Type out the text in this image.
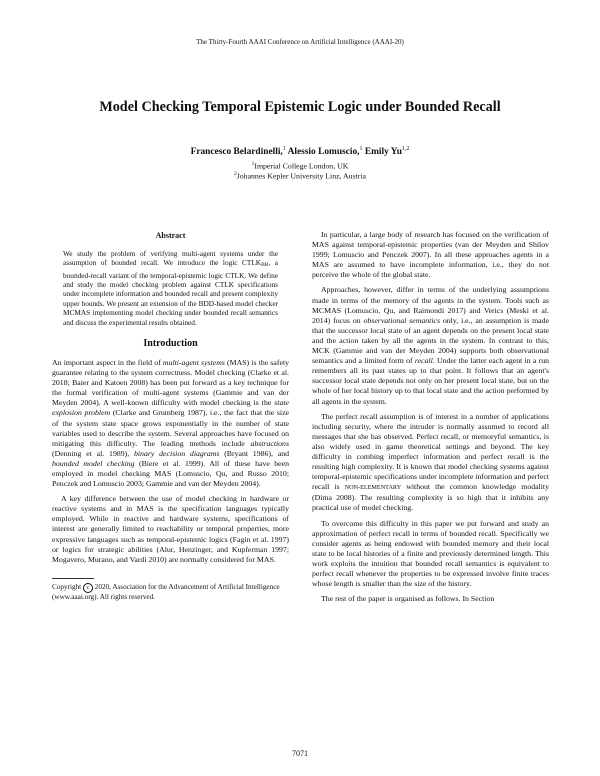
The Thirty-Fourth AAAI Conference on Artificial Intelligence (AAAI-20)
Model Checking Temporal Epistemic Logic under Bounded Recall
Francesco Belardinelli,$^1$ Alessio Lomuscio,$^1$ Emily Yu$^{1,2}$
$^1$Imperial College London, UK
$^2$Johannes Kepler University Linz, Austria
Abstract
We study the problem of verifying multi-agent systems under the assumption of bounded recall. We introduce the logic CTLKBR, a bounded-recall variant of the temporal-epistemic logic CTLK. We define and study the model checking problem against CTLK specifications under incomplete information and bounded recall and present complexity upper bounds. We present an extension of the BDD-based model checker MCMAS implementing model checking under bounded recall semantics and discuss the experimental results obtained.
Introduction

An important aspect in the field of multi-agent systems (MAS) is the safety guarantee relating to the system correctness. Model checking (Clarke et al. 2018; Baier and Katoen 2008) has been put forward as a key technique for the formal verification of multi-agent systems (Gammie and van der Meyden 2004). A well-known difficulty with model checking is the state explosion problem (Clarke and Grumberg 1987), i.e., the fact that the size of the system state space grows exponentially in the number of state variables used to describe the system. Several approaches have focused on mitigating this difficulty. The leading methods include abstractions (Denning et al. 1989), binary decision diagrams (Bryant 1986), and bounded model checking (Biere et al. 1999). All of these have been employed in model checking MAS (Lomuscio, Qu, and Russo 2010; Penczek and Lomuscio 2003; Gammie and van der Meyden 2004).

A key difference between the use of model checking in hardware or reactive systems and in MAS is the specification languages typically employed. While in reactive and hardware systems, specifications of interest are generally limited to reachability or temporal properties, more expressive languages such as temporal-epistemic logics (Fagin et al. 1997) or logics for strategic abilities (Alur, Henzinger, and Kupferman 1997; Mogavero, Murano, and Vardi 2010) are normally considered for MAS.

Copyright c 2020, Association for the Advancement of Artificial Intelligence (www.aaai.org). All rights reserved.

In particular, a large body of research has focused on the verification of MAS against temporal-epistemic properties (van der Meyden and Shilov 1999; Lomuscio and Penczek 2007). In all these approaches agents in a MAS are assumed to have incomplete information, i.e., they do not perceive the whole of the global state.

Approaches, however, differ in terms of the underlying assumptions made in terms of the memory of the agents in the system. Tools such as MCMAS (Lomuscio, Qu, and Raimondi 2017) and Verics (Meski et al. 2014) focus on observational semantics only, i.e., an assumption is made that the successor local state of an agent depends on the present local state and the action taken by all the agents in the system. In contrast to this, MCK (Gammie and van der Meyden 2004) supports both observational semantics and a limited form of recall. Under the latter each agent in a run remembers all its past states up to that point. It follows that an agent's successor local state depends not only on her present local state, but on the whole of her local history up to that local state and the action performed by all agents in the system.

The perfect recall assumption is of interest in a number of applications including security, where the intruder is normally assumed to record all messages that she has observed. Perfect recall, or memoryful semantics, is also widely used in game theoretical settings and beyond. The key difficulty in combing imperfect information and perfect recall is the resulting high complexity. It is known that model checking systems against temporal-epistemic specifications under incomplete information and perfect recall is NON-ELEMENTARY without the common knowledge modality (Dima 2008). The resulting complexity is so high that it inhibits any practical use of model checking.

To overcome this difficulty in this paper we put forward and study an approximation of perfect recall in terms of bounded recall. Specifically we consider agents as being endowed with bounded memory and their local state to be local histories of a finite and previously determined length. This work exploits the intuition that bounded recall semantics is equivalent to perfect recall whenever the properties to be expressed involve finite traces whose length is smaller than the size of the history.

The rest of the paper is organised as follows. In Section

7071
